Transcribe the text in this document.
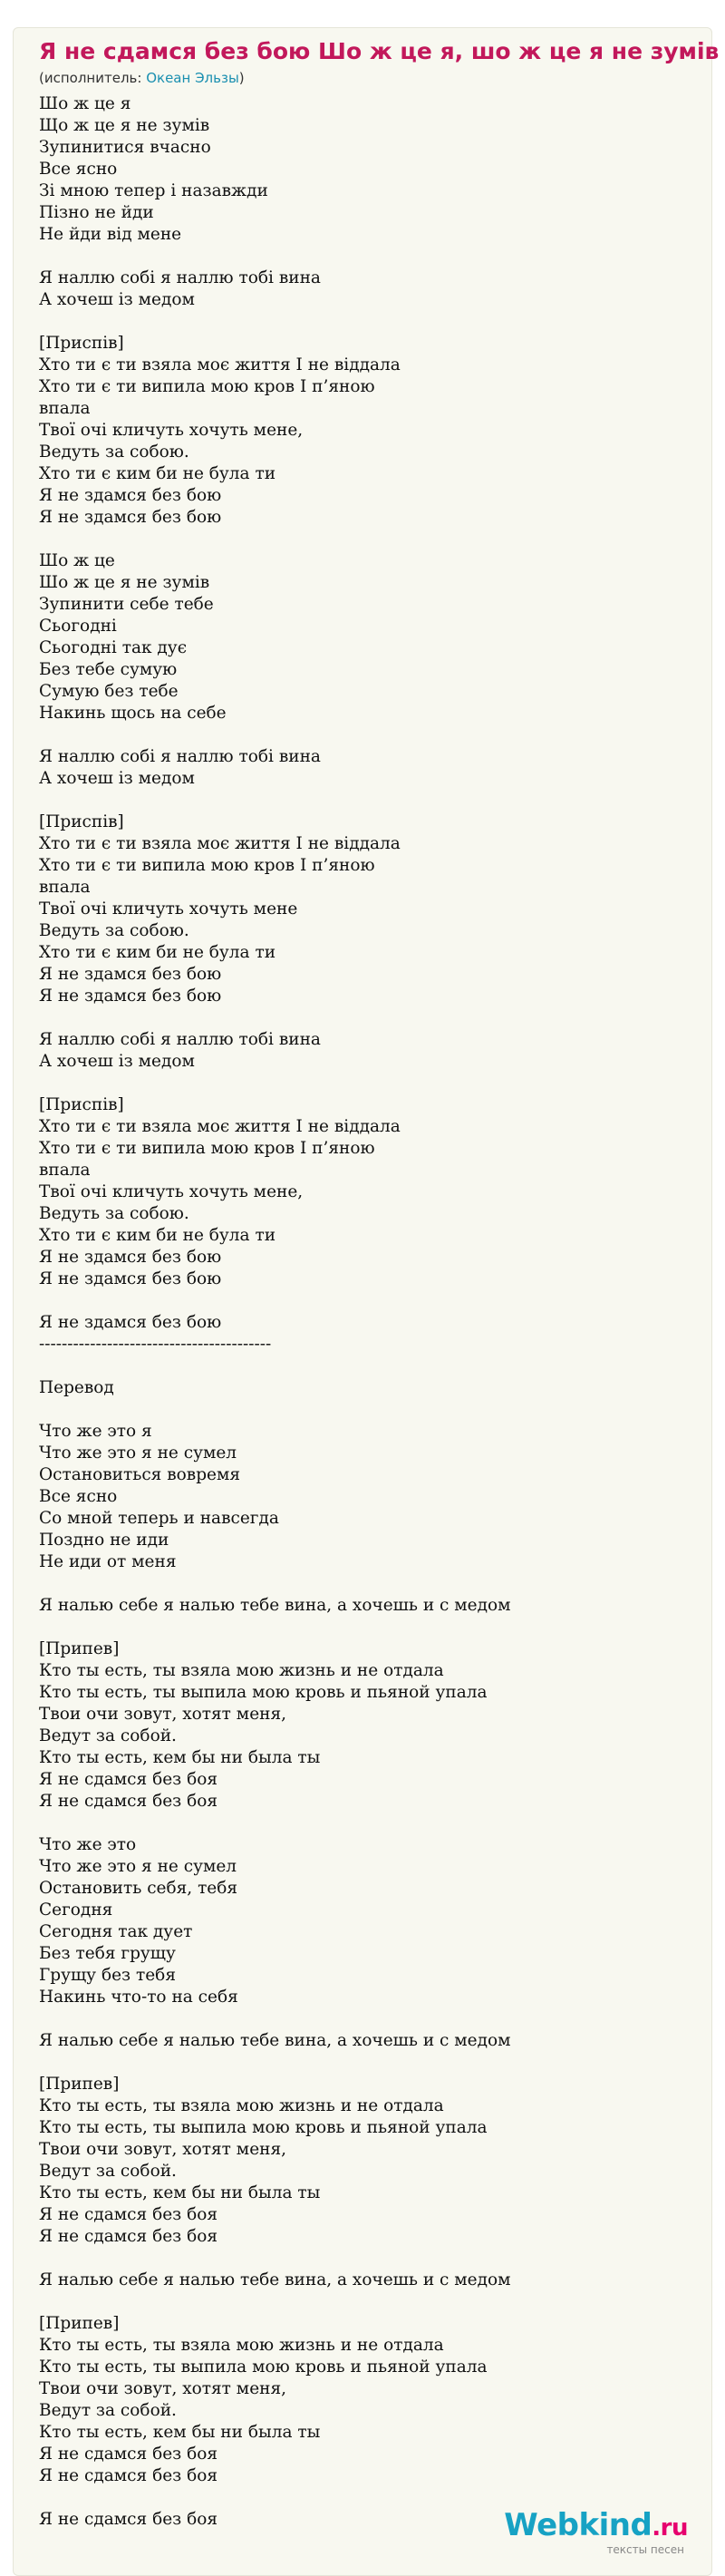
Я не сдамся без бою Шо ж це я, шо ж це я не зумів
(исполнитель: Океан Эльзы)
Шо ж це я
Що ж це я не зумів
Зупинитися вчасно
Все ясно
Зі мною тепер і назавжди
Пізно не йди
Не йди від мене
Я наллю собі я наллю тобі вина
А хочеш із медом
[Приспів]
Хто ти є ти взяла моє життя І не віддала
Хто ти є ти випила мою кров І п’яною
впала
Твої очі кличуть хочуть мене,
Ведуть за собою.
Хто ти є ким би не була ти
Я не здамся без бою
Я не здамся без бою
Шо ж це
Шо ж це я не зумів
Зупинити себе тебе
Сьогодні
Сьогодні так дує
Без тебе сумую
Сумую без тебе
Накинь щось на себе
Я наллю собі я наллю тобі вина
А хочеш із медом
[Приспів]
Хто ти є ти взяла моє життя І не віддала
Хто ти є ти випила мою кров І п’яною
впала
Твої очі кличуть хочуть мене
Ведуть за собою.
Хто ти є ким би не була ти
Я не здамся без бою
Я не здамся без бою
Я наллю собі я наллю тобі вина
А хочеш із медом
[Приспів]
Хто ти є ти взяла моє життя І не віддала
Хто ти є ти випила мою кров І п’яною
впала
Твої очі кличуть хочуть мене,
Ведуть за собою.
Хто ти є ким би не була ти
Я не здамся без бою
Я не здамся без бою
Я не здамся без бою
-----------------------------------------
Перевод
Что же это я
Что же это я не сумел
Остановиться вовремя
Все ясно
Со мной теперь и навсегда
Поздно не иди
Не иди от меня
Я налью себе я налью тебе вина, а хочешь и с медом
[Припев]
Кто ты есть, ты взяла мою жизнь и не отдала
Кто ты есть, ты выпила мою кровь и пьяной упала
Твои очи зовут, хотят меня,
Ведут за собой.
Кто ты есть, кем бы ни была ты
Я не сдамся без боя
Я не сдамся без боя
Что же это
Что же это я не сумел
Остановить себя, тебя
Сегодня
Сегодня так дует
Без тебя грущу
Грущу без тебя
Накинь что-то на себя
Я налью себе я налью тебе вина, а хочешь и с медом
[Припев]
Кто ты есть, ты взяла мою жизнь и не отдала
Кто ты есть, ты выпила мою кровь и пьяной упала
Твои очи зовут, хотят меня,
Ведут за собой.
Кто ты есть, кем бы ни была ты
Я не сдамся без боя
Я не сдамся без боя
Я налью себе я налью тебе вина, а хочешь и с медом
[Припев]
Кто ты есть, ты взяла мою жизнь и не отдала
Кто ты есть, ты выпила мою кровь и пьяной упала
Твои очи зовут, хотят меня,
Ведут за собой.
Кто ты есть, кем бы ни была ты
Я не сдамся без боя
Я не сдамся без боя
Я не сдамся без боя	Webkind.ru
тексты песен
